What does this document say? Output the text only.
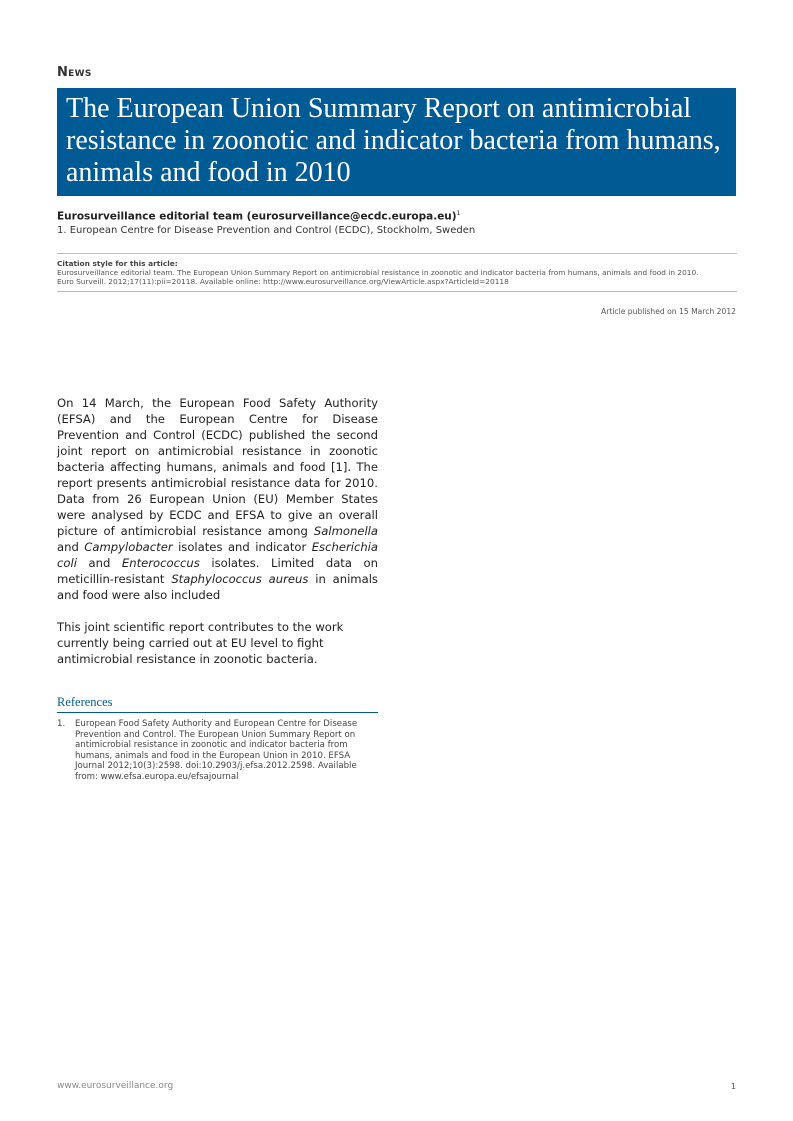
News
The European Union Summary Report on antimicrobial resistance in zoonotic and indicator bacteria from humans, animals and food in 2010
Eurosurveillance editorial team (eurosurveillance@ecdc.europa.eu)$^1$
1. European Centre for Disease Prevention and Control (ECDC), Stockholm, Sweden
Citation style for this article:
Eurosurveillance editorial team. The European Union Summary Report on antimicrobial resistance in zoonotic and indicator bacteria from humans, animals and food in 2010.
Euro Surveill. 2012;17(11):pii=20118. Available online: http://www.eurosurveillance.org/ViewArticle.aspx?ArticleId=20118
Article published on 15 March 2012

On 14 March, the European Food Safety Authority (EFSA) and the European Centre for Disease Prevention and Control (ECDC) published the second joint report on antimicrobial resistance in zoonotic bacteria affecting humans, animals and food [1]. The report presents antimicrobial resistance data for 2010. Data from 26 European Union (EU) Member States were analysed by ECDC and EFSA to give an overall picture of antimicrobial resistance among Salmonella and Campylobacter isolates and indicator Escherichia coli and Enterococcus isolates. Limited data on meticillin-resistant Staphylococcus aureus in animals and food were also included

This joint scientific report contributes to the work currently being carried out at EU level to fight antimicrobial resistance in zoonotic bacteria.

References
1. European Food Safety Authority and European Centre for Disease Prevention and Control. The European Union Summary Report on antimicrobial resistance in zoonotic and indicator bacteria from humans, animals and food in the European Union in 2010. EFSA Journal 2012;10(3):2598. doi:10.2903/j.efsa.2012.2598. Available from: www.efsa.europa.eu/efsajournal
www.eurosurveillance.org	1
